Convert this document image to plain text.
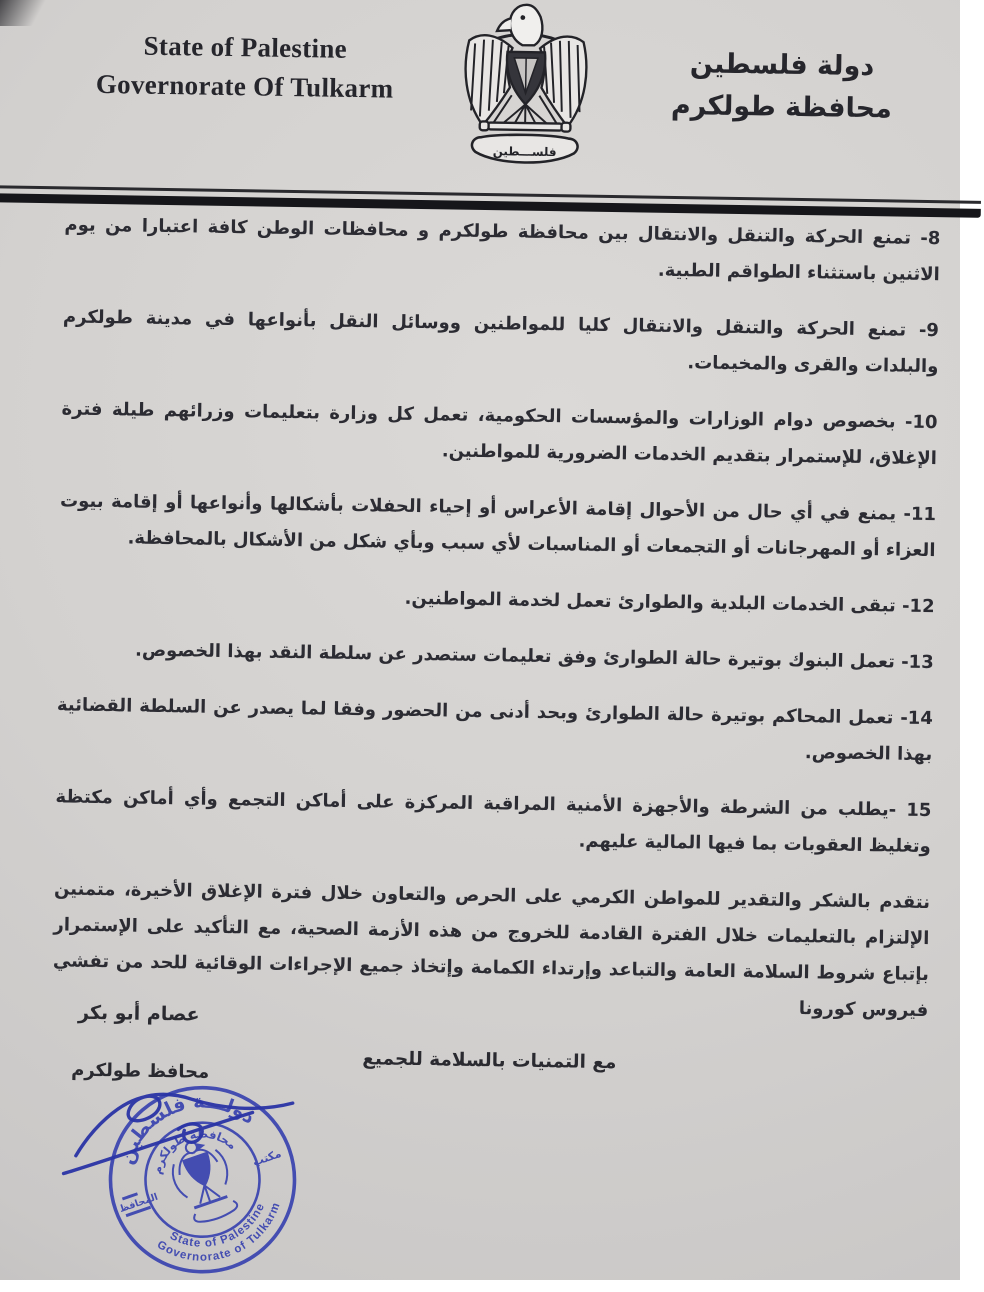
State of Palestine
Governorate Of Tulkarm
فلســـطين
دولة فلسطين
محافظة طولكرم

8- تمنع الحركة والتنقل والانتقال بين محافظة طولكرم و محافظات الوطن كافة اعتبارا من يوم الاثنين باستثناء الطواقم الطبية.

9- تمنع الحركة والتنقل والانتقال كليا للمواطنين ووسائل النقل بأنواعها في مدينة طولكرم والبلدات والقرى والمخيمات.

10- بخصوص دوام الوزارات والمؤسسات الحكومية، تعمل كل وزارة بتعليمات وزرائهم طيلة فترة الإغلاق، للإستمرار بتقديم الخدمات الضرورية للمواطنين.

11- يمنع في أي حال من الأحوال إقامة الأعراس أو إحياء الحفلات بأشكالها وأنواعها أو إقامة بيوت العزاء أو المهرجانات أو التجمعات أو المناسبات لأي سبب وبأي شكل من الأشكال بالمحافظة.

12- تبقى الخدمات البلدية والطوارئ تعمل لخدمة المواطنين.

13- تعمل البنوك بوتيرة حالة الطوارئ وفق تعليمات ستصدر عن سلطة النقد بهذا الخصوص.

14- تعمل المحاكم بوتيرة حالة الطوارئ وبحد أدنى من الحضور وفقا لما يصدر عن السلطة القضائية بهذا الخصوص.

15 -يطلب من الشرطة والأجهزة الأمنية المراقبة المركزة على أماكن التجمع وأي أماكن مكتظة وتغليظ العقوبات بما فيها المالية عليهم.

نتقدم بالشكر والتقدير للمواطن الكرمي على الحرص والتعاون خلال فترة الإغلاق الأخيرة، متمنين الإلتزام بالتعليمات خلال الفترة القادمة للخروج من هذه الأزمة الصحية، مع التأكيد على الإستمرار بإتباع شروط السلامة العامة والتباعد وإرتداء الكمامة وإتخاذ جميع الإجراءات الوقائية للحد من تفشي فيروس كورونا

مع التمنيات بالسلامة للجميع
عصام أبو بكر
محافظ طولكرم
دولـــة فلسطين
محافظة طولكرم
State of Palestine
Governorate of Tulkarm
مكتب
المحافظ
